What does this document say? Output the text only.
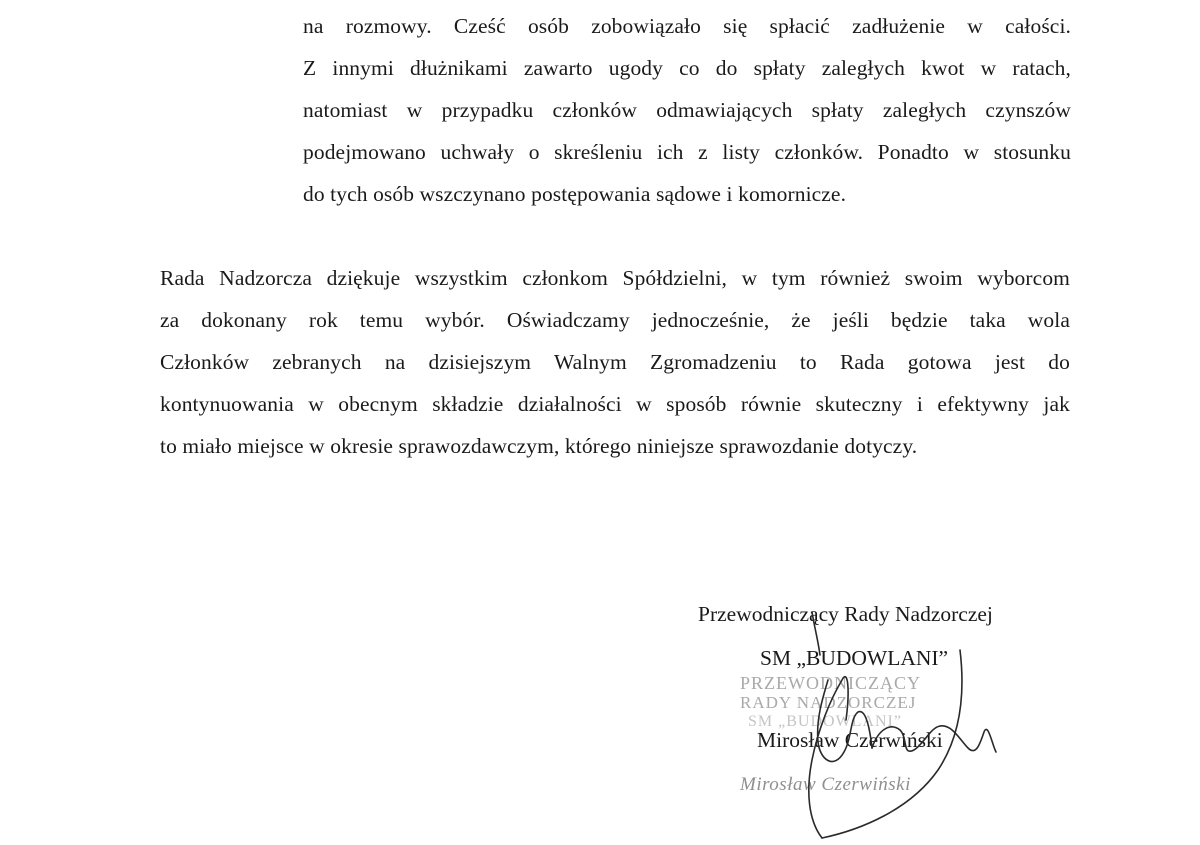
na rozmowy. Cześć osób zobowiązało się spłacić zadłużenie w całości.
Z innymi dłużnikami zawarto ugody co do spłaty zaległych kwot w ratach,
natomiast w przypadku członków odmawiających spłaty zaległych czynszów
podejmowano uchwały o skreśleniu ich z listy członków. Ponadto w stosunku
do tych osób wszczynano postępowania sądowe i komornicze.
Rada Nadzorcza dziękuje wszystkim członkom Spółdzielni, w tym również swoim wyborcom
za dokonany rok temu wybór. Oświadczamy jednocześnie, że jeśli będzie taka wola
Członków zebranych na dzisiejszym Walnym Zgromadzeniu to Rada gotowa jest do
kontynuowania w obecnym składzie działalności w sposób równie skuteczny i efektywny jak
to miało miejsce w okresie sprawozdawczym, którego niniejsze sprawozdanie dotyczy.
PRZEWODNICZĄCY
RADY NADZORCZEJ
SM „BUDOWLANI”
Mirosław Czerwiński
Przewodniczący Rady Nadzorczej
SM „BUDOWLANI”
Mirosław Czerwiński
